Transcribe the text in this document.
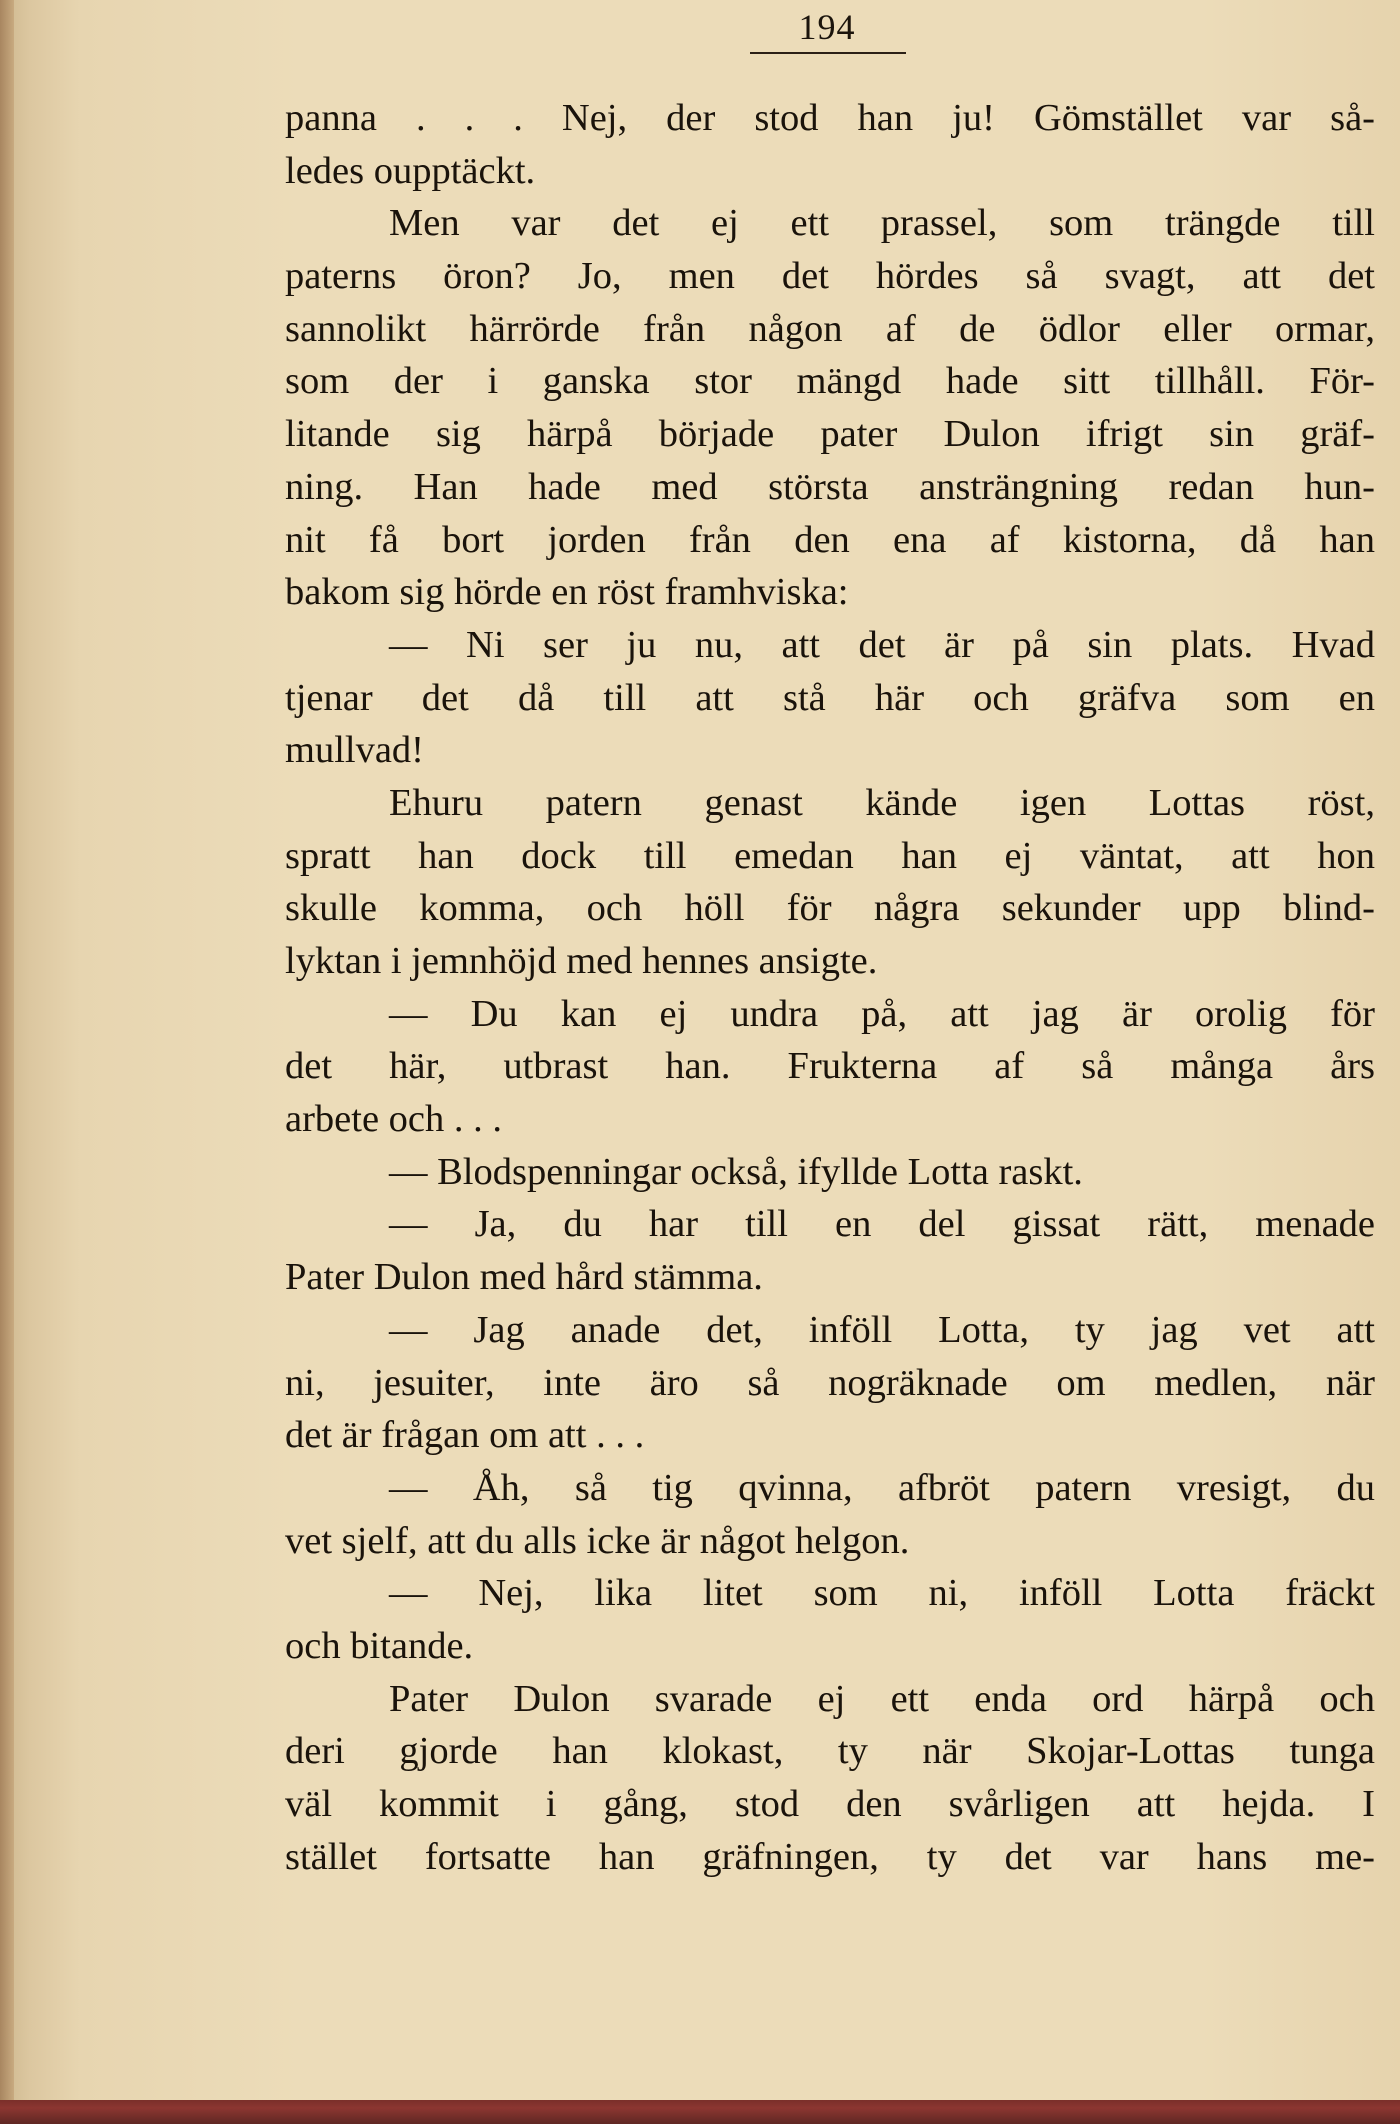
194
panna . . . Nej, der stod han ju! Gömstället var så-
ledes oupptäckt.
Men var det ej ett prassel, som trängde till
paterns öron? Jo, men det hördes så svagt, att det
sannolikt härrörde från någon af de ödlor eller ormar,
som der i ganska stor mängd hade sitt tillhåll. För-
litande sig härpå började pater Dulon ifrigt sin gräf-
ning. Han hade med största ansträngning redan hun-
nit få bort jorden från den ena af kistorna, då han
bakom sig hörde en röst framhviska:
— Ni ser ju nu, att det är på sin plats. Hvad
tjenar det då till att stå här och gräfva som en
mullvad!
Ehuru patern genast kände igen Lottas röst,
spratt han dock till emedan han ej väntat, att hon
skulle komma, och höll för några sekunder upp blind-
lyktan i jemnhöjd med hennes ansigte.
— Du kan ej undra på, att jag är orolig för
det här, utbrast han. Frukterna af så många års
arbete och . . .
— Blodspenningar också, ifyllde Lotta raskt.
— Ja, du har till en del gissat rätt, menade
Pater Dulon med hård stämma.
— Jag anade det, inföll Lotta, ty jag vet att
ni, jesuiter, inte äro så nogräknade om medlen, när
det är frågan om att . . .
— Åh, så tig qvinna, afbröt patern vresigt, du
vet sjelf, att du alls icke är något helgon.
— Nej, lika litet som ni, inföll Lotta fräckt
och bitande.
Pater Dulon svarade ej ett enda ord härpå och
deri gjorde han klokast, ty när Skojar-Lottas tunga
väl kommit i gång, stod den svårligen att hejda. I
stället fortsatte han gräfningen, ty det var hans me-
